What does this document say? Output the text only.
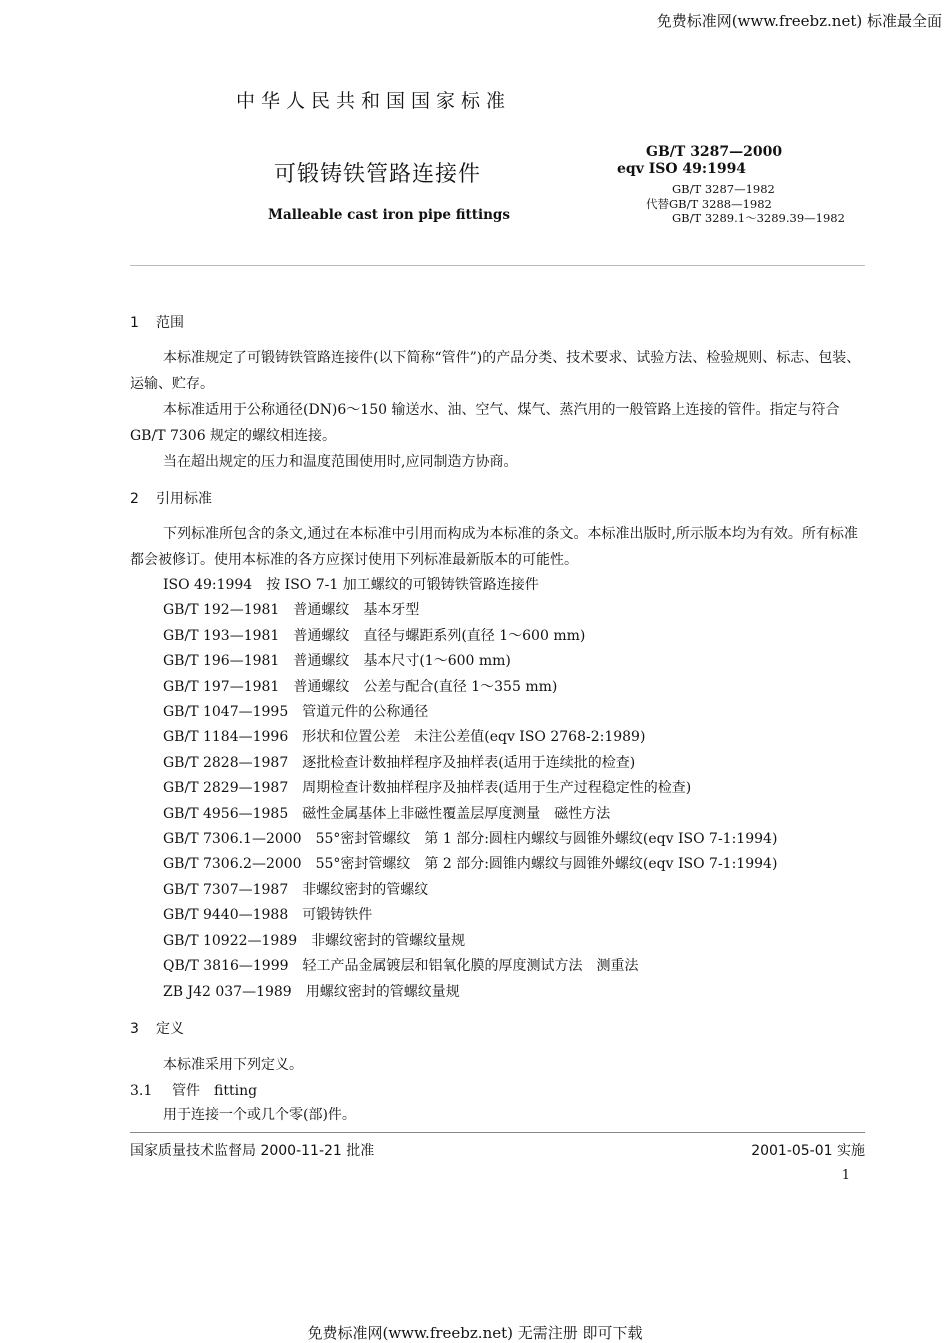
免费标准网(www.freebz.net) 标准最全面
中华人民共和国国家标准
GB/T 3287—2000
eqv ISO 49:1994
GB/T 3287—1982
代替GB/T 3288—1982
GB/T 3289.1～3289.39—1982
可锻铸铁管路连接件
Malleable cast iron pipe fittings
1 范围

本标准规定了可锻铸铁管路连接件(以下简称“管件”)的产品分类、技术要求、试验方法、检验规则、标志、包装、运输、贮存。

本标准适用于公称通径(DN)6～150 输送水、油、空气、煤气、蒸汽用的一般管路上连接的管件。指定与符合 GB/T 7306 规定的螺纹相连接。

当在超出规定的压力和温度范围使用时,应同制造方协商。

2 引用标准

下列标准所包含的条文,通过在本标准中引用而构成为本标准的条文。本标准出版时,所示版本均为有效。所有标准都会被修订。使用本标准的各方应探讨使用下列标准最新版本的可能性。

ISO 49:1994 按 ISO 7-1 加工螺纹的可锻铸铁管路连接件
GB/T 192—1981 普通螺纹　基本牙型
GB/T 193—1981 普通螺纹　直径与螺距系列(直径 1～600 mm)
GB/T 196—1981 普通螺纹　基本尺寸(1～600 mm)
GB/T 197—1981 普通螺纹　公差与配合(直径 1～355 mm)
GB/T 1047—1995 管道元件的公称通径
GB/T 1184—1996 形状和位置公差　未注公差值(eqv ISO 2768-2:1989)
GB/T 2828—1987 逐批检查计数抽样程序及抽样表(适用于连续批的检查)
GB/T 2829—1987 周期检查计数抽样程序及抽样表(适用于生产过程稳定性的检查)
GB/T 4956—1985 磁性金属基体上非磁性覆盖层厚度测量　磁性方法
GB/T 7306.1—2000 55°密封管螺纹　第 1 部分:圆柱内螺纹与圆锥外螺纹(eqv ISO 7-1:1994)
GB/T 7306.2—2000 55°密封管螺纹　第 2 部分:圆锥内螺纹与圆锥外螺纹(eqv ISO 7-1:1994)
GB/T 7307—1987 非螺纹密封的管螺纹
GB/T 9440—1988 可锻铸铁件
GB/T 10922—1989 非螺纹密封的管螺纹量规
QB/T 3816—1999 轻工产品金属镀层和铝氧化膜的厚度测试方法　测重法
ZB J42 037—1989 用螺纹密封的管螺纹量规
3 定义
本标准采用下列定义。
3.1 管件　fitting
用于连接一个或几个零(部)件。
国家质量技术监督局 2000-11-21 批准	2001-05-01 实施
1
免费标准网(www.freebz.net) 无需注册 即可下载
